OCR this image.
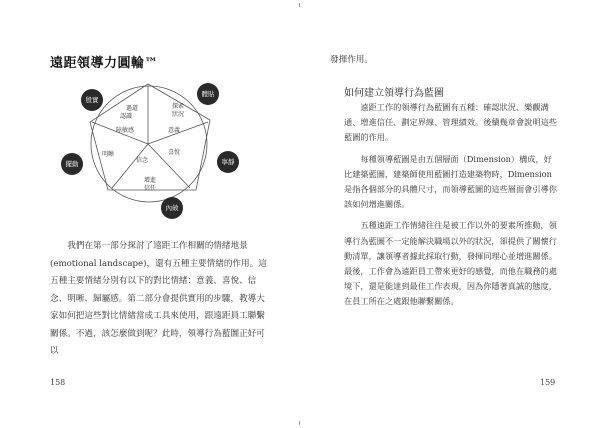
遠距領導力圓輪™
過道
認識
障敏感
探索
狀況
意義
明晰
信念
喜悅
增進
信任
殷實
體貼
擺動	寧靜
內斂

我們在第一部分探討了遠距工作相關的情緒地景(emotional landscape)，還有五種主要情緒的作用。這五種主要情緒分別有以下的對比情緒：意義、喜悅、信念、明晰、歸屬感。第二部分會提供實用的步驟，教導大家如何把這些對比情緒當成工具來使用，跟遠距員工聯繫關係。不過，該怎麼做到呢？此時，領導行為藍圖正好可以

158
發揮作用。
如何建立領導行為藍圖

遠距工作的領導行為藍圖有五種：確認狀況、樂觀溝通、增進信任、劃定界線、管理績效。後續幾章會說明這些藍圖的作用。

每種領導藍圖是由五個層面（Dimension）構成，好比建築藍圖，建築師使用藍圖打造建築物時，Dimension是指各個部分的具體尺寸，而領導藍圖的這些層面會引導你該如何增進關係。

五種遠距工作情緒往往是被工作以外的要素所推動，領導行為藍圖不一定能解決職場以外的狀況，卻提供了關懷行動清單，讓領導者據此採取行動，發揮同理心並增進關係。最後，工作會為遠距員工帶來更好的感覺，而他在職務的處境下，還是能達到最佳工作表現，因為你隱著真誠的態度，在員工所在之處跟他聯繫關係。

159
